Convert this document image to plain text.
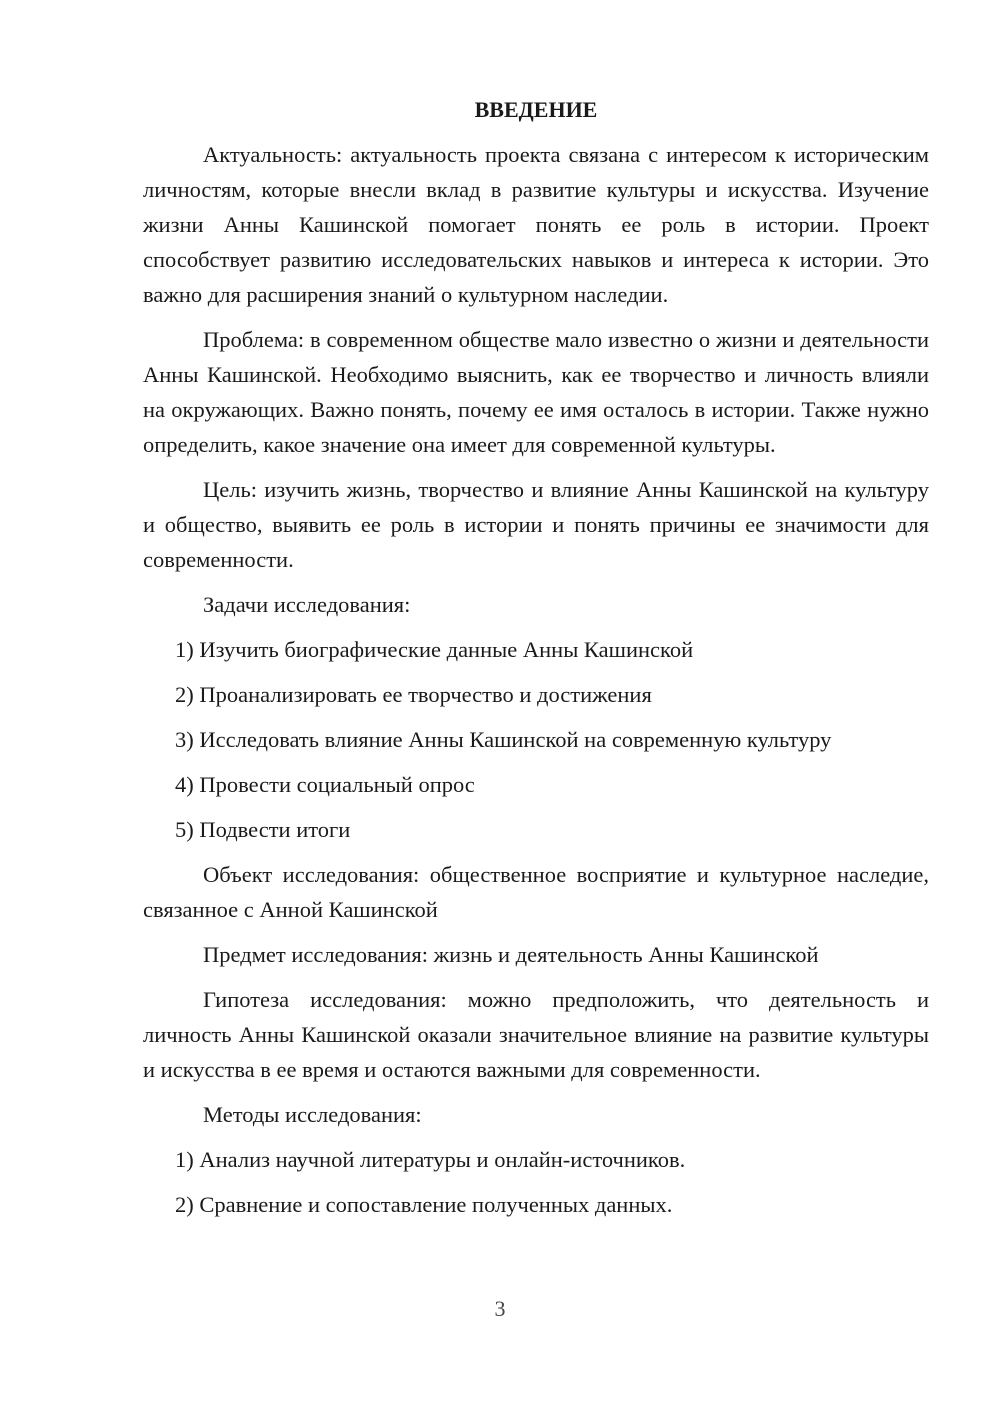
ВВЕДЕНИЕ
Актуальность: актуальность проекта связана с интересом к историческим личностям, которые внесли вклад в развитие культуры и искусства. Изучение жизни Анны Кашинской помогает понять ее роль в истории. Проект способствует развитию исследовательских навыков и интереса к истории. Это важно для расширения знаний о культурном наследии.
Проблема: в современном обществе мало известно о жизни и деятельности Анны Кашинской. Необходимо выяснить, как ее творчество и личность влияли на окружающих. Важно понять, почему ее имя осталось в истории. Также нужно определить, какое значение она имеет для современной культуры.
Цель: изучить жизнь, творчество и влияние Анны Кашинской на культуру и общество, выявить ее роль в истории и понять причины ее значимости для современности.
Задачи исследования:
1) Изучить биографические данные Анны Кашинской
2) Проанализировать ее творчество и достижения
3) Исследовать влияние Анны Кашинской на современную культуру
4) Провести социальный опрос
5) Подвести итоги
Объект исследования: общественное восприятие и культурное наследие, связанное с Анной Кашинской
Предмет исследования: жизнь и деятельность Анны Кашинской
Гипотеза исследования: можно предположить, что деятельность и личность Анны Кашинской оказали значительное влияние на развитие культуры и искусства в ее время и остаются важными для современности.
Методы исследования:
1) Анализ научной литературы и онлайн-источников.
2) Сравнение и сопоставление полученных данных.
3
